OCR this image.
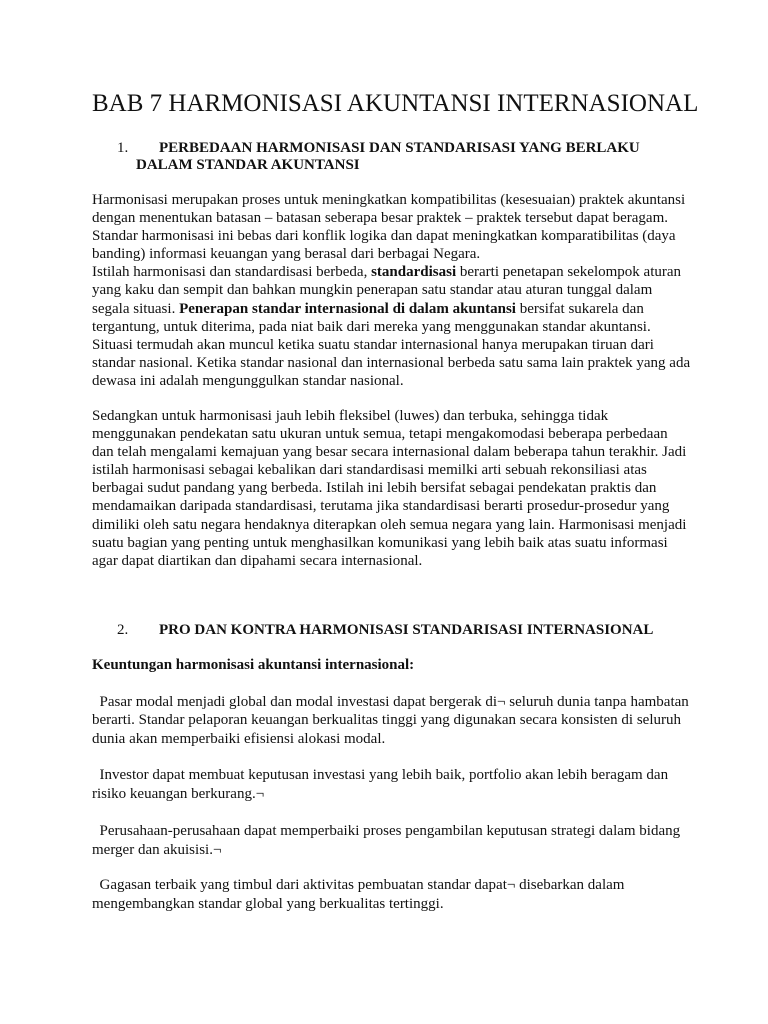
BAB 7 HARMONISASI AKUNTANSI INTERNASIONAL
1. PERBEDAAN HARMONISASI DAN STANDARISASI YANG BERLAKU
DALAM STANDAR AKUNTANSI
Harmonisasi merupakan proses untuk meningkatkan kompatibilitas (kesesuaian) praktek akuntansi dengan menentukan batasan – batasan seberapa besar praktek – praktek tersebut dapat beragam. Standar harmonisasi ini bebas dari konflik logika dan dapat meningkatkan komparatibilitas (daya banding) informasi keuangan yang berasal dari berbagai Negara.
Istilah harmonisasi dan standardisasi berbeda, standardisasi berarti penetapan sekelompok aturan yang kaku dan sempit dan bahkan mungkin penerapan satu standar atau aturan tunggal dalam segala situasi. Penerapan standar internasional di dalam akuntansi bersifat sukarela dan tergantung, untuk diterima, pada niat baik dari mereka yang menggunakan standar akuntansi. Situasi termudah akan muncul ketika suatu standar internasional hanya merupakan tiruan dari standar nasional. Ketika standar nasional dan internasional berbeda satu sama lain praktek yang ada dewasa ini adalah mengunggulkan standar nasional.
Sedangkan untuk harmonisasi jauh lebih fleksibel (luwes) dan terbuka, sehingga tidak menggunakan pendekatan satu ukuran untuk semua, tetapi mengakomodasi beberapa perbedaan dan telah mengalami kemajuan yang besar secara internasional dalam beberapa tahun terakhir. Jadi istilah harmonisasi sebagai kebalikan dari standardisasi memilki arti sebuah rekonsiliasi atas berbagai sudut pandang yang berbeda. Istilah ini lebih bersifat sebagai pendekatan praktis dan mendamaikan daripada standardisasi, terutama jika standardisasi berarti prosedur-prosedur yang dimiliki oleh satu negara hendaknya diterapkan oleh semua negara yang lain. Harmonisasi menjadi suatu bagian yang penting untuk menghasilkan komunikasi yang lebih baik atas suatu informasi agar dapat diartikan dan dipahami secara internasional.
2. PRO DAN KONTRA HARMONISASI STANDARISASI INTERNASIONAL
Keuntungan harmonisasi akuntansi internasional:
Pasar modal menjadi global dan modal investasi dapat bergerak di¬ seluruh dunia tanpa hambatan berarti. Standar pelaporan keuangan berkualitas tinggi yang digunakan secara konsisten di seluruh dunia akan memperbaiki efisiensi alokasi modal.
Investor dapat membuat keputusan investasi yang lebih baik, portfolio akan lebih beragam dan risiko keuangan berkurang.¬
Perusahaan-perusahaan dapat memperbaiki proses pengambilan keputusan strategi dalam bidang merger dan akuisisi.¬
Gagasan terbaik yang timbul dari aktivitas pembuatan standar dapat¬ disebarkan dalam mengembangkan standar global yang berkualitas tertinggi.
